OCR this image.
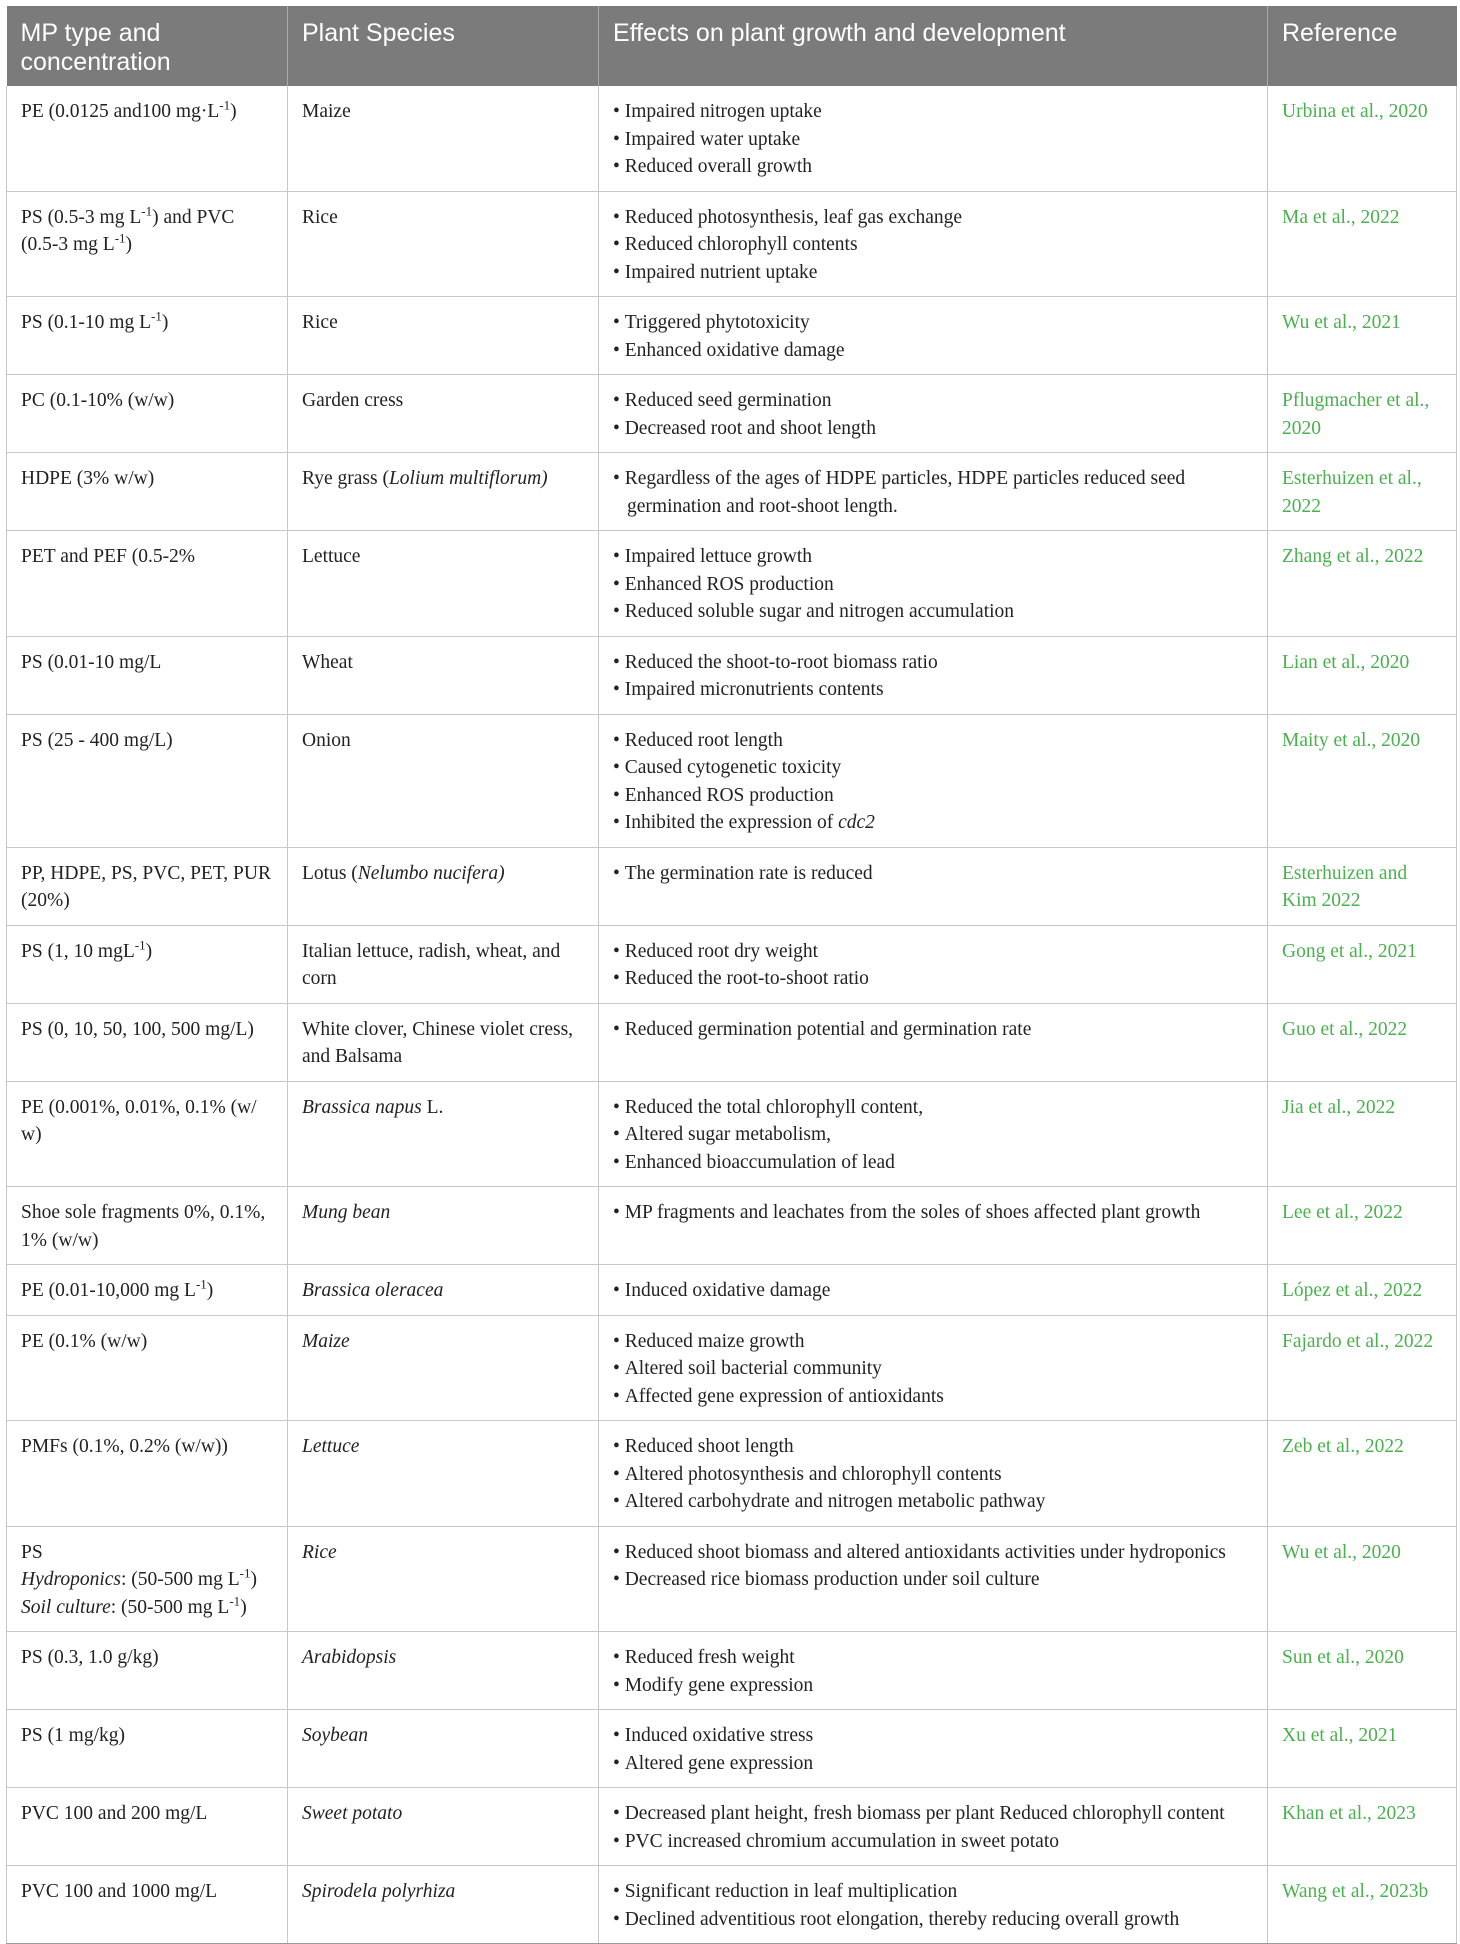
MP type and concentration	Plant Species	Effects on plant growth and development	Reference
PE (0.0125 and100 $mg\cdot L^{-1}$)	Maize	• Impaired nitrogen uptake
• Impaired water uptake
• Reduced overall growth	Urbina et al., 2020
PS (0.5-3 mg $L^{-1}$) and PVC (0.5-3 mg $L^{-1}$)	Rice	• Reduced photosynthesis, leaf gas exchange
• Reduced chlorophyll contents
• Impaired nutrient uptake	Ma et al., 2022
PS (0.1-10 mg $L^{-1}$)	Rice	• Triggered phytotoxicity
• Enhanced oxidative damage	Wu et al., 2021
PC (0.1-10% (w/w)	Garden cress	• Reduced seed germination
• Decreased root and shoot length	Pflugmacher et al., 2020
HDPE (3% w/w)	Rye grass (Lolium multiflorum)	• Regardless of the ages of HDPE particles, HDPE particles reduced seed germination and root-shoot length.	Esterhuizen et al., 2022
PET and PEF (0.5-2%	Lettuce	• Impaired lettuce growth
• Enhanced ROS production
• Reduced soluble sugar and nitrogen accumulation	Zhang et al., 2022
PS (0.01-10 mg/L	Wheat	• Reduced the shoot-to-root biomass ratio
• Impaired micronutrients contents	Lian et al., 2020
PS (25 - 400 mg/L)	Onion	• Reduced root length
• Caused cytogenetic toxicity
• Enhanced ROS production
• Inhibited the expression of cdc2	Maity et al., 2020
PP, HDPE, PS, PVC, PET, PUR (20%)	Lotus (Nelumbo nucifera)	• The germination rate is reduced	Esterhuizen and Kim 2022
PS (1, 10 mgL$^{-1}$)	Italian lettuce, radish, wheat, and corn	• Reduced root dry weight
• Reduced the root-to-shoot ratio	Gong et al., 2021
PS (0, 10, 50, 100, 500 mg/L)	White clover, Chinese violet cress, and Balsama	• Reduced germination potential and germination rate	Guo et al., 2022
PE (0.001%, 0.01%, 0.1% (w/ w)	Brassica napus L.	• Reduced the total chlorophyll content,
• Altered sugar metabolism,
• Enhanced bioaccumulation of lead	Jia et al., 2022
Shoe sole fragments 0%, 0.1%, 1% (w/w)	Mung bean	• MP fragments and leachates from the soles of shoes affected plant growth	Lee et al., 2022
PE (0.01-10,000 mg $L^{-1}$)	Brassica oleracea	• Induced oxidative damage	López et al., 2022
PE (0.1% (w/w)	Maize	• Reduced maize growth
• Altered soil bacterial community
• Affected gene expression of antioxidants	Fajardo et al., 2022
PMFs (0.1%, 0.2% (w/w))	Lettuce	• Reduced shoot length
• Altered photosynthesis and chlorophyll contents
• Altered carbohydrate and nitrogen metabolic pathway	Zeb et al., 2022

PS
Hydroponics: (50-500 mg $L^{-1}$)
Soil culture: (50-500 mg $L^{-1}$)	Rice	• Reduced shoot biomass and altered antioxidants activities under hydroponics
• Decreased rice biomass production under soil culture	Wu et al., 2020
PS (0.3, 1.0 g/kg)	Arabidopsis	• Reduced fresh weight
• Modify gene expression	Sun et al., 2020
PS (1 mg/kg)	Soybean	• Induced oxidative stress
• Altered gene expression	Xu et al., 2021
PVC 100 and 200 mg/L	Sweet potato	• Decreased plant height, fresh biomass per plant Reduced chlorophyll content
• PVC increased chromium accumulation in sweet potato	Khan et al., 2023
PVC 100 and 1000 mg/L	Spirodela polyrhiza	• Significant reduction in leaf multiplication
• Declined adventitious root elongation, thereby reducing overall growth	Wang et al., 2023b
